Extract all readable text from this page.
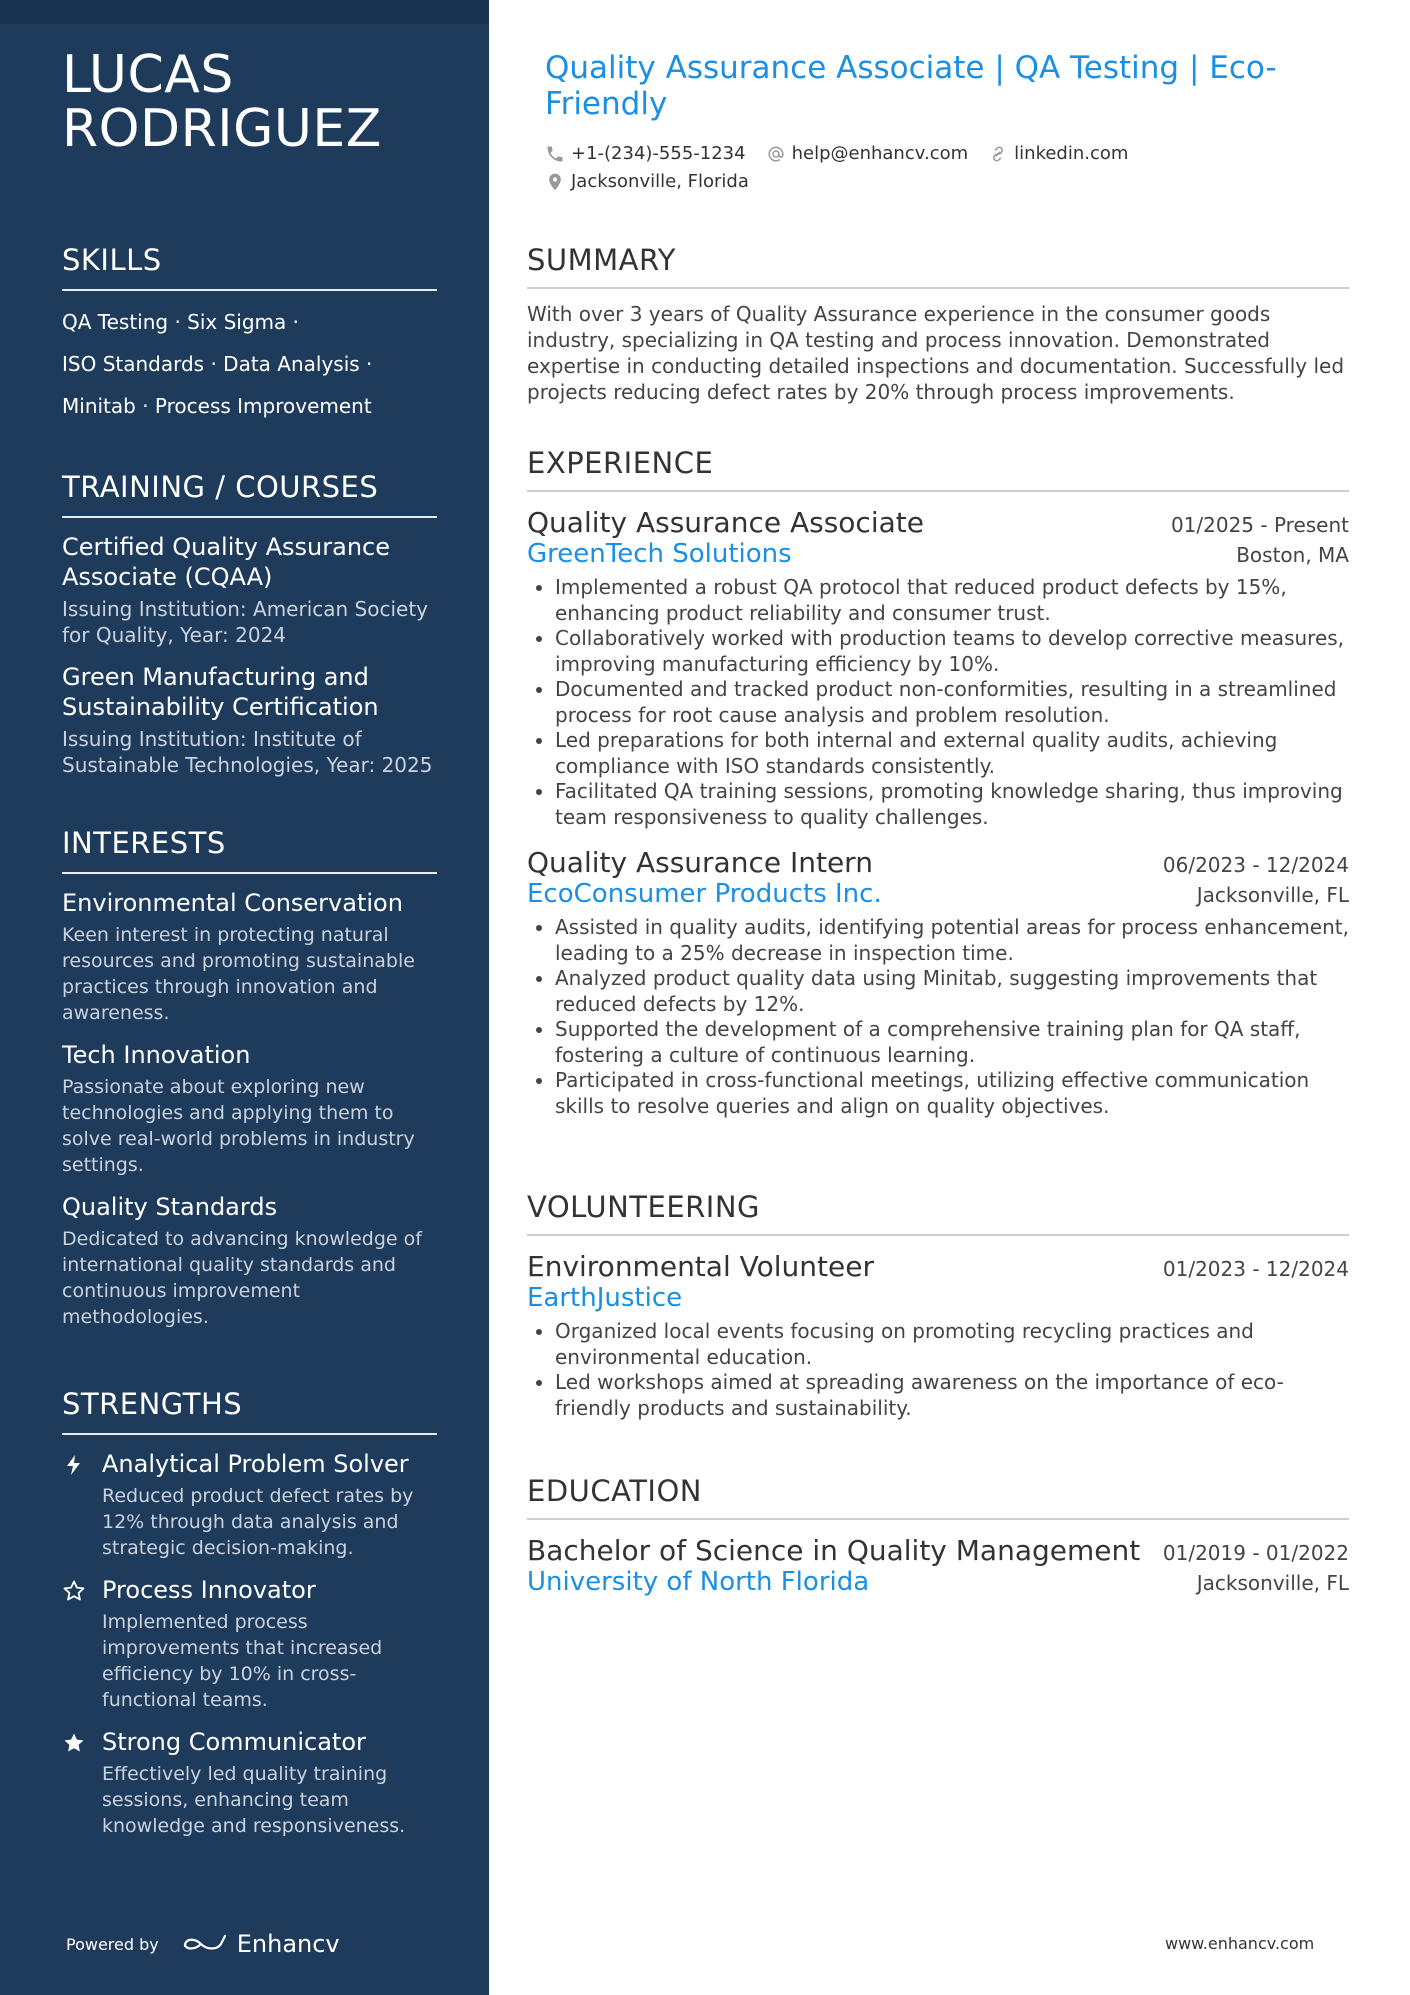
LUCAS RODRIGUEZ
SKILLS
QA Testing · Six Sigma ·
ISO Standards · Data Analysis ·
Minitab · Process Improvement
TRAINING / COURSES
Certified Quality Assurance Associate (CQAA)
Issuing Institution: American Society for Quality, Year: 2024
Green Manufacturing and Sustainability Certification
Issuing Institution: Institute of Sustainable Technologies, Year: 2025
INTERESTS
Environmental Conservation
Keen interest in protecting natural resources and promoting sustainable practices through innovation and awareness.
Tech Innovation
Passionate about exploring new technologies and applying them to solve real-world problems in industry settings.
Quality Standards
Dedicated to advancing knowledge of international quality standards and continuous improvement methodologies.
STRENGTHS
Analytical Problem Solver
Reduced product defect rates by 12% through data analysis and strategic decision-making.
Process Innovator
Implemented process improvements that increased efficiency by 10% in cross-functional teams.
Strong Communicator
Effectively led quality training sessions, enhancing team knowledge and responsiveness.
Powered by	Enhancv
Quality Assurance Associate | QA Testing | Eco-Friendly
+1-(234)-555-1234	help@enhancv.com	linkedin.com
Jacksonville, Florida
SUMMARY
With over 3 years of Quality Assurance experience in the consumer goods industry, specializing in QA testing and process innovation. Demonstrated expertise in conducting detailed inspections and documentation. Successfully led projects reducing defect rates by 20% through process improvements.
EXPERIENCE
Quality Assurance Associate	01/2025 - Present
GreenTech Solutions	Boston, MA
• Implemented a robust QA protocol that reduced product defects by 15%, enhancing product reliability and consumer trust.
• Collaboratively worked with production teams to develop corrective measures, improving manufacturing efficiency by 10%.
• Documented and tracked product non-conformities, resulting in a streamlined process for root cause analysis and problem resolution.
• Led preparations for both internal and external quality audits, achieving compliance with ISO standards consistently.
• Facilitated QA training sessions, promoting knowledge sharing, thus improving team responsiveness to quality challenges.
Quality Assurance Intern	06/2023 - 12/2024
EcoConsumer Products Inc.	Jacksonville, FL
• Assisted in quality audits, identifying potential areas for process enhancement, leading to a 25% decrease in inspection time.
• Analyzed product quality data using Minitab, suggesting improvements that reduced defects by 12%.
• Supported the development of a comprehensive training plan for QA staff, fostering a culture of continuous learning.
• Participated in cross-functional meetings, utilizing effective communication skills to resolve queries and align on quality objectives.
VOLUNTEERING
Environmental Volunteer	01/2023 - 12/2024
EarthJustice
• Organized local events focusing on promoting recycling practices and environmental education.
• Led workshops aimed at spreading awareness on the importance of eco-friendly products and sustainability.
EDUCATION
Bachelor of Science in Quality Management 01/2019 - 01/2022
University of North Florida	Jacksonville, FL
www.enhancv.com
